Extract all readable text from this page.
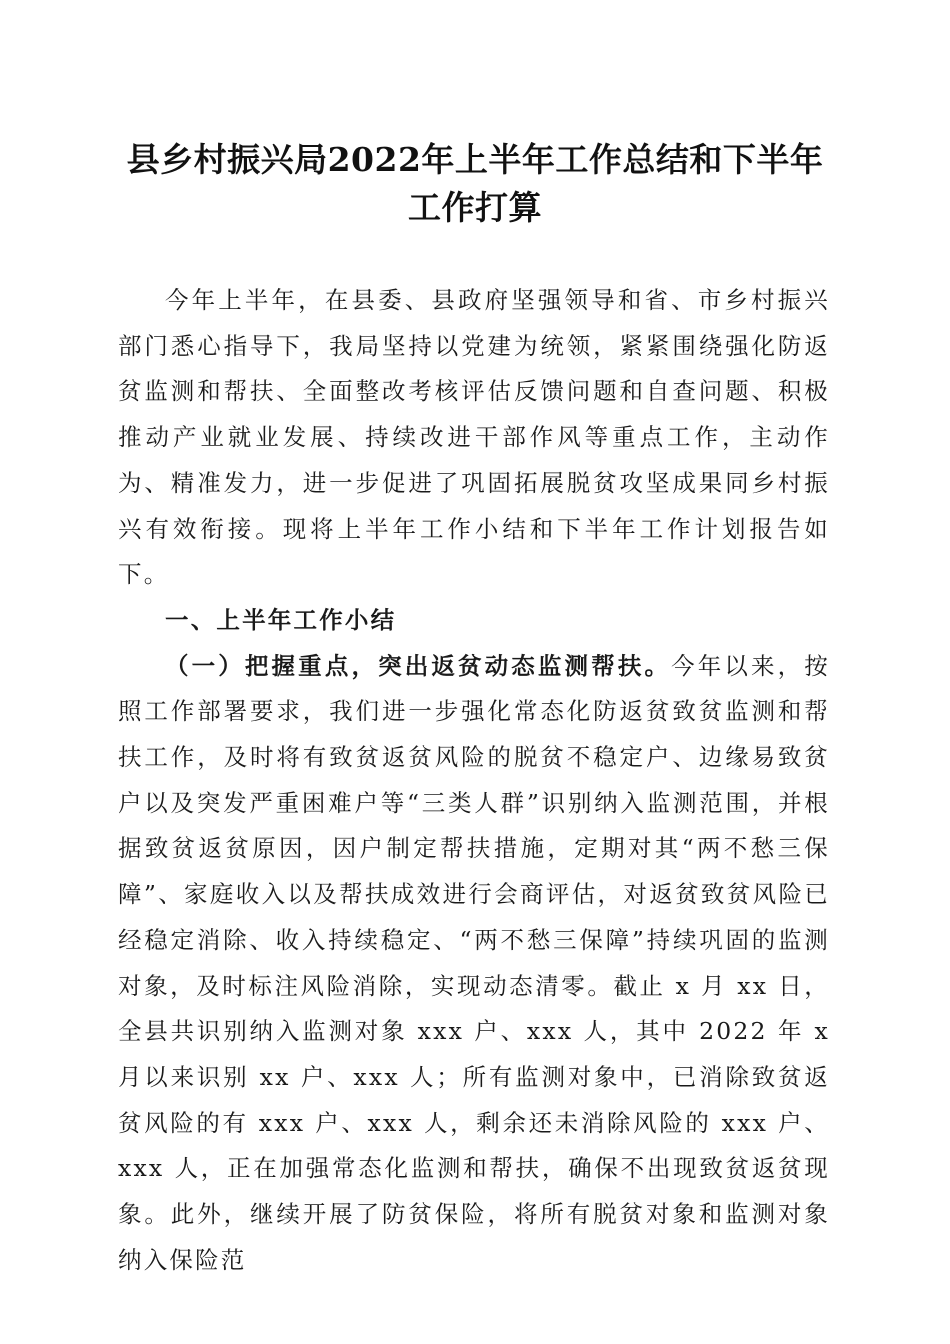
县乡村振兴局2022年上半年工作总结和下半年工作打算

今年上半年，在县委、县政府坚强领导和省、市乡村振兴部门悉心指导下，我局坚持以党建为统领，紧紧围绕强化防返贫监测和帮扶、全面整改考核评估反馈问题和自查问题、积极推动产业就业发展、持续改进干部作风等重点工作，主动作为、精准发力，进一步促进了巩固拓展脱贫攻坚成果同乡村振兴有效衔接。现将上半年工作小结和下半年工作计划报告如下。

一、上半年工作小结

（一）把握重点，突出返贫动态监测帮扶。今年以来，按照工作部署要求，我们进一步强化常态化防返贫致贫监测和帮扶工作，及时将有致贫返贫风险的脱贫不稳定户、边缘易致贫户以及突发严重困难户等“三类人群”识别纳入监测范围，并根据致贫返贫原因，因户制定帮扶措施，定期对其“两不愁三保障”、家庭收入以及帮扶成效进行会商评估，对返贫致贫风险已经稳定消除、收入持续稳定、“两不愁三保障”持续巩固的监测对象，及时标注风险消除，实现动态清零。截止 x 月 xx 日，全县共识别纳入监测对象 xxx 户、xxx 人，其中 2022 年 x 月以来识别 xx 户、xxx 人；所有监测对象中，已消除致贫返贫风险的有 xxx 户、xxx 人，剩余还未消除风险的 xxx 户、xxx 人，正在加强常态化监测和帮扶，确保不出现致贫返贫现象。此外，继续开展了防贫保险，将所有脱贫对象和监测对象纳入保险范
